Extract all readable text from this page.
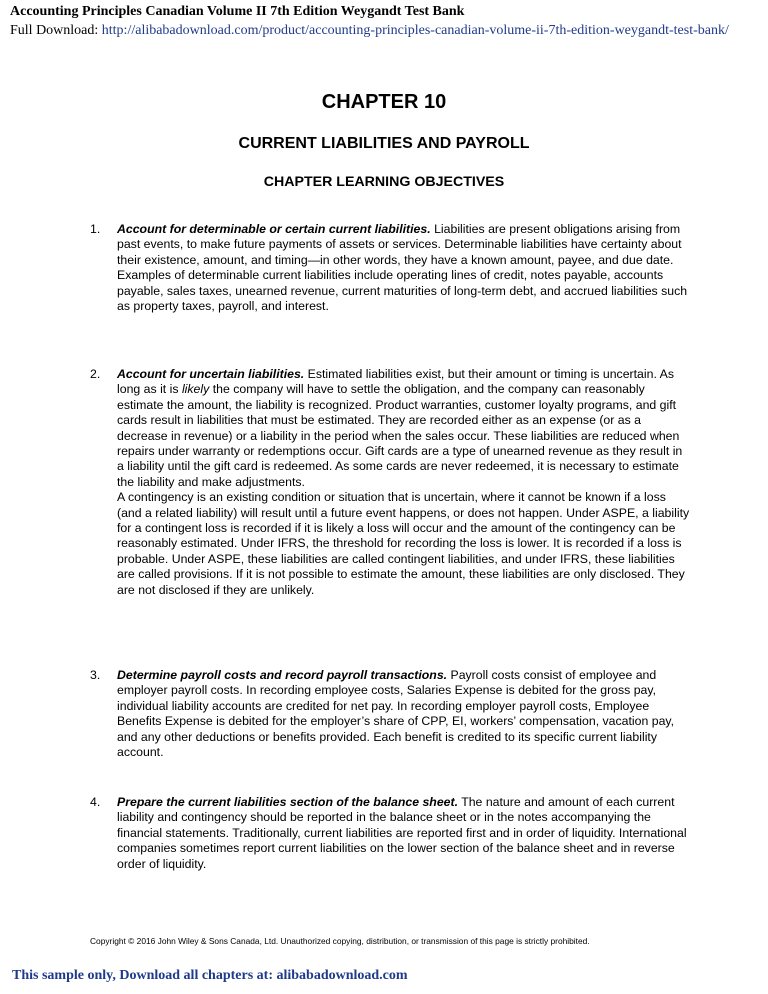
Accounting Principles Canadian Volume II 7th Edition Weygandt Test Bank
Full Download: http://alibabadownload.com/product/accounting-principles-canadian-volume-ii-7th-edition-weygandt-test-bank/
CHAPTER 10
CURRENT LIABILITIES AND PAYROLL
CHAPTER LEARNING OBJECTIVES
1. Account for determinable or certain current liabilities. Liabilities are present obligations arising from past events, to make future payments of assets or services. Determinable liabilities have certainty about their existence, amount, and timing—in other words, they have a known amount, payee, and due date. Examples of determinable current liabilities include operating lines of credit, notes payable, accounts payable, sales taxes, unearned revenue, current maturities of long-term debt, and accrued liabilities such as property taxes, payroll, and interest.
2. Account for uncertain liabilities. Estimated liabilities exist, but their amount or timing is uncertain. As long as it is likely the company will have to settle the obligation, and the company can reasonably estimate the amount, the liability is recognized. Product warranties, customer loyalty programs, and gift cards result in liabilities that must be estimated. They are recorded either as an expense (or as a decrease in revenue) or a liability in the period when the sales occur. These liabilities are reduced when repairs under warranty or redemptions occur. Gift cards are a type of unearned revenue as they result in a liability until the gift card is redeemed. As some cards are never redeemed, it is necessary to estimate the liability and make adjustments.
A contingency is an existing condition or situation that is uncertain, where it cannot be known if a loss (and a related liability) will result until a future event happens, or does not happen. Under ASPE, a liability for a contingent loss is recorded if it is likely a loss will occur and the amount of the contingency can be reasonably estimated. Under IFRS, the threshold for recording the loss is lower. It is recorded if a loss is probable. Under ASPE, these liabilities are called contingent liabilities, and under IFRS, these liabilities are called provisions. If it is not possible to estimate the amount, these liabilities are only disclosed. They are not disclosed if they are unlikely.
3. Determine payroll costs and record payroll transactions. Payroll costs consist of employee and employer payroll costs. In recording employee costs, Salaries Expense is debited for the gross pay, individual liability accounts are credited for net pay. In recording employer payroll costs, Employee Benefits Expense is debited for the employer’s share of CPP, EI, workers’ compensation, vacation pay, and any other deductions or benefits provided. Each benefit is credited to its specific current liability account.
4. Prepare the current liabilities section of the balance sheet. The nature and amount of each current liability and contingency should be reported in the balance sheet or in the notes accompanying the financial statements. Traditionally, current liabilities are reported first and in order of liquidity. International companies sometimes report current liabilities on the lower section of the balance sheet and in reverse order of liquidity.
Copyright © 2016 John Wiley & Sons Canada, Ltd. Unauthorized copying, distribution, or transmission of this page is strictly prohibited.
This sample only, Download all chapters at: alibabadownload.com
